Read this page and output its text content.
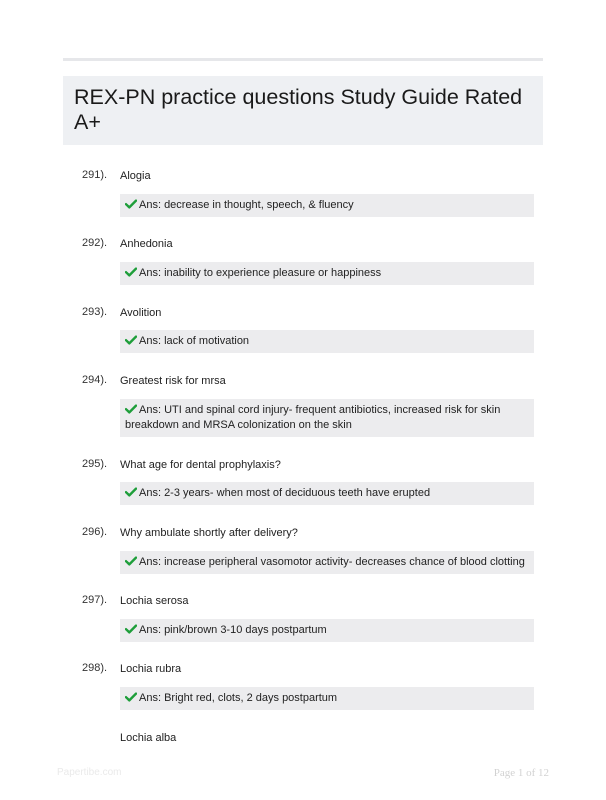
REX-PN practice questions Study Guide Rated A+
291). Alogia
Ans: decrease in thought, speech, & fluency
292). Anhedonia
Ans: inability to experience pleasure or happiness
293). Avolition
Ans: lack of motivation
294). Greatest risk for mrsa
Ans: UTI and spinal cord injury- frequent antibiotics, increased risk for skin breakdown and MRSA colonization on the skin
295). What age for dental prophylaxis?
Ans: 2-3 years- when most of deciduous teeth have erupted
296). Why ambulate shortly after delivery?
Ans: increase peripheral vasomotor activity- decreases chance of blood clotting
297). Lochia serosa
Ans: pink/brown 3-10 days postpartum
298). Lochia rubra
Ans: Bright red, clots, 2 days postpartum
Lochia alba
Papertibe.com	Page 1 of 12
